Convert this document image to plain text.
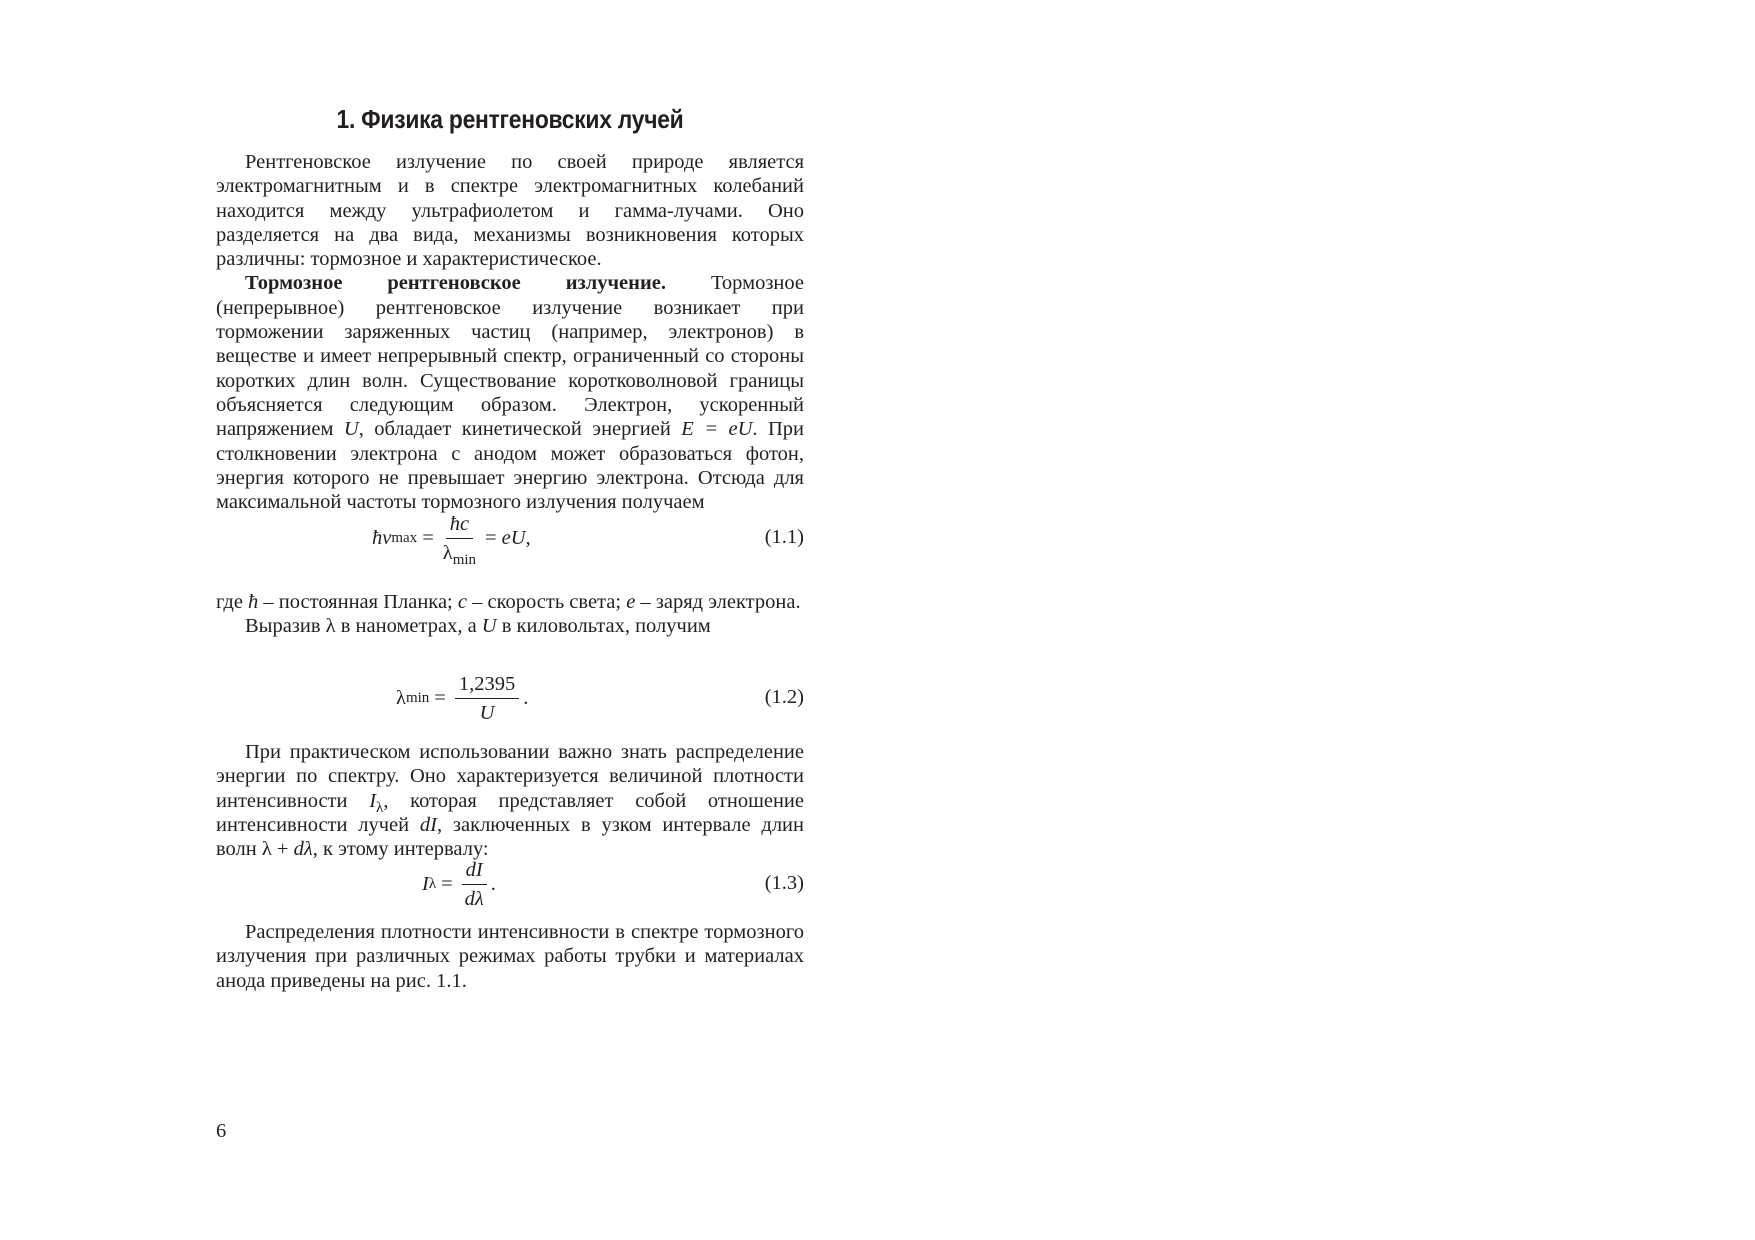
1. Физика рентгеновских лучей

Рентгеновское излучение по своей природе является электромагнитным и в спектре электромагнитных колебаний находится между ультрафиолетом и гамма-лучами. Оно разделяется на два вида, механизмы возникновения которых различны: тормозное и характеристическое.

Тормозное рентгеновское излучение. Тормозное (непрерывное) рентгеновское излучение возникает при торможении заряженных частиц (например, электронов) в веществе и имеет непрерывный спектр, ограниченный со стороны коротких длин волн. Существование коротковолновой границы объясняется следующим образом. Электрон, ускоренный напряжением U, обладает кинетической энергией E = eU. При столкновении электрона с анодом может образоваться фотон, энергия которого не превышает энергию электрона. Отсюда для максимальной частоты тормозного излучения получаем

ħν $\max = \frac{ħc}{\lambda_{min}}$ = eU ,	(1.1)

где ħ – постоянная Планка; c – скорость света; e – заряд электрона.

Выразив λ в нанометрах, а U в киловольтах, получим

λ $\min = \frac{1,2395}{U}$ .	(1.2)

При практическом использовании важно знать распределение энергии по спектру. Оно характеризуется величиной плотности интенсивности $I_\lambda$, которая представляет собой отношение интенсивности лучей dI, заключенных в узком интервале длин волн λ + dλ, к этому интервалу:

I $\lambda = \frac{dI}{d\lambda}$ .	(1.3)

Распределения плотности интенсивности в спектре тормозного излучения при различных режимах работы трубки и материалах анода приведены на рис. 1.1.

6
